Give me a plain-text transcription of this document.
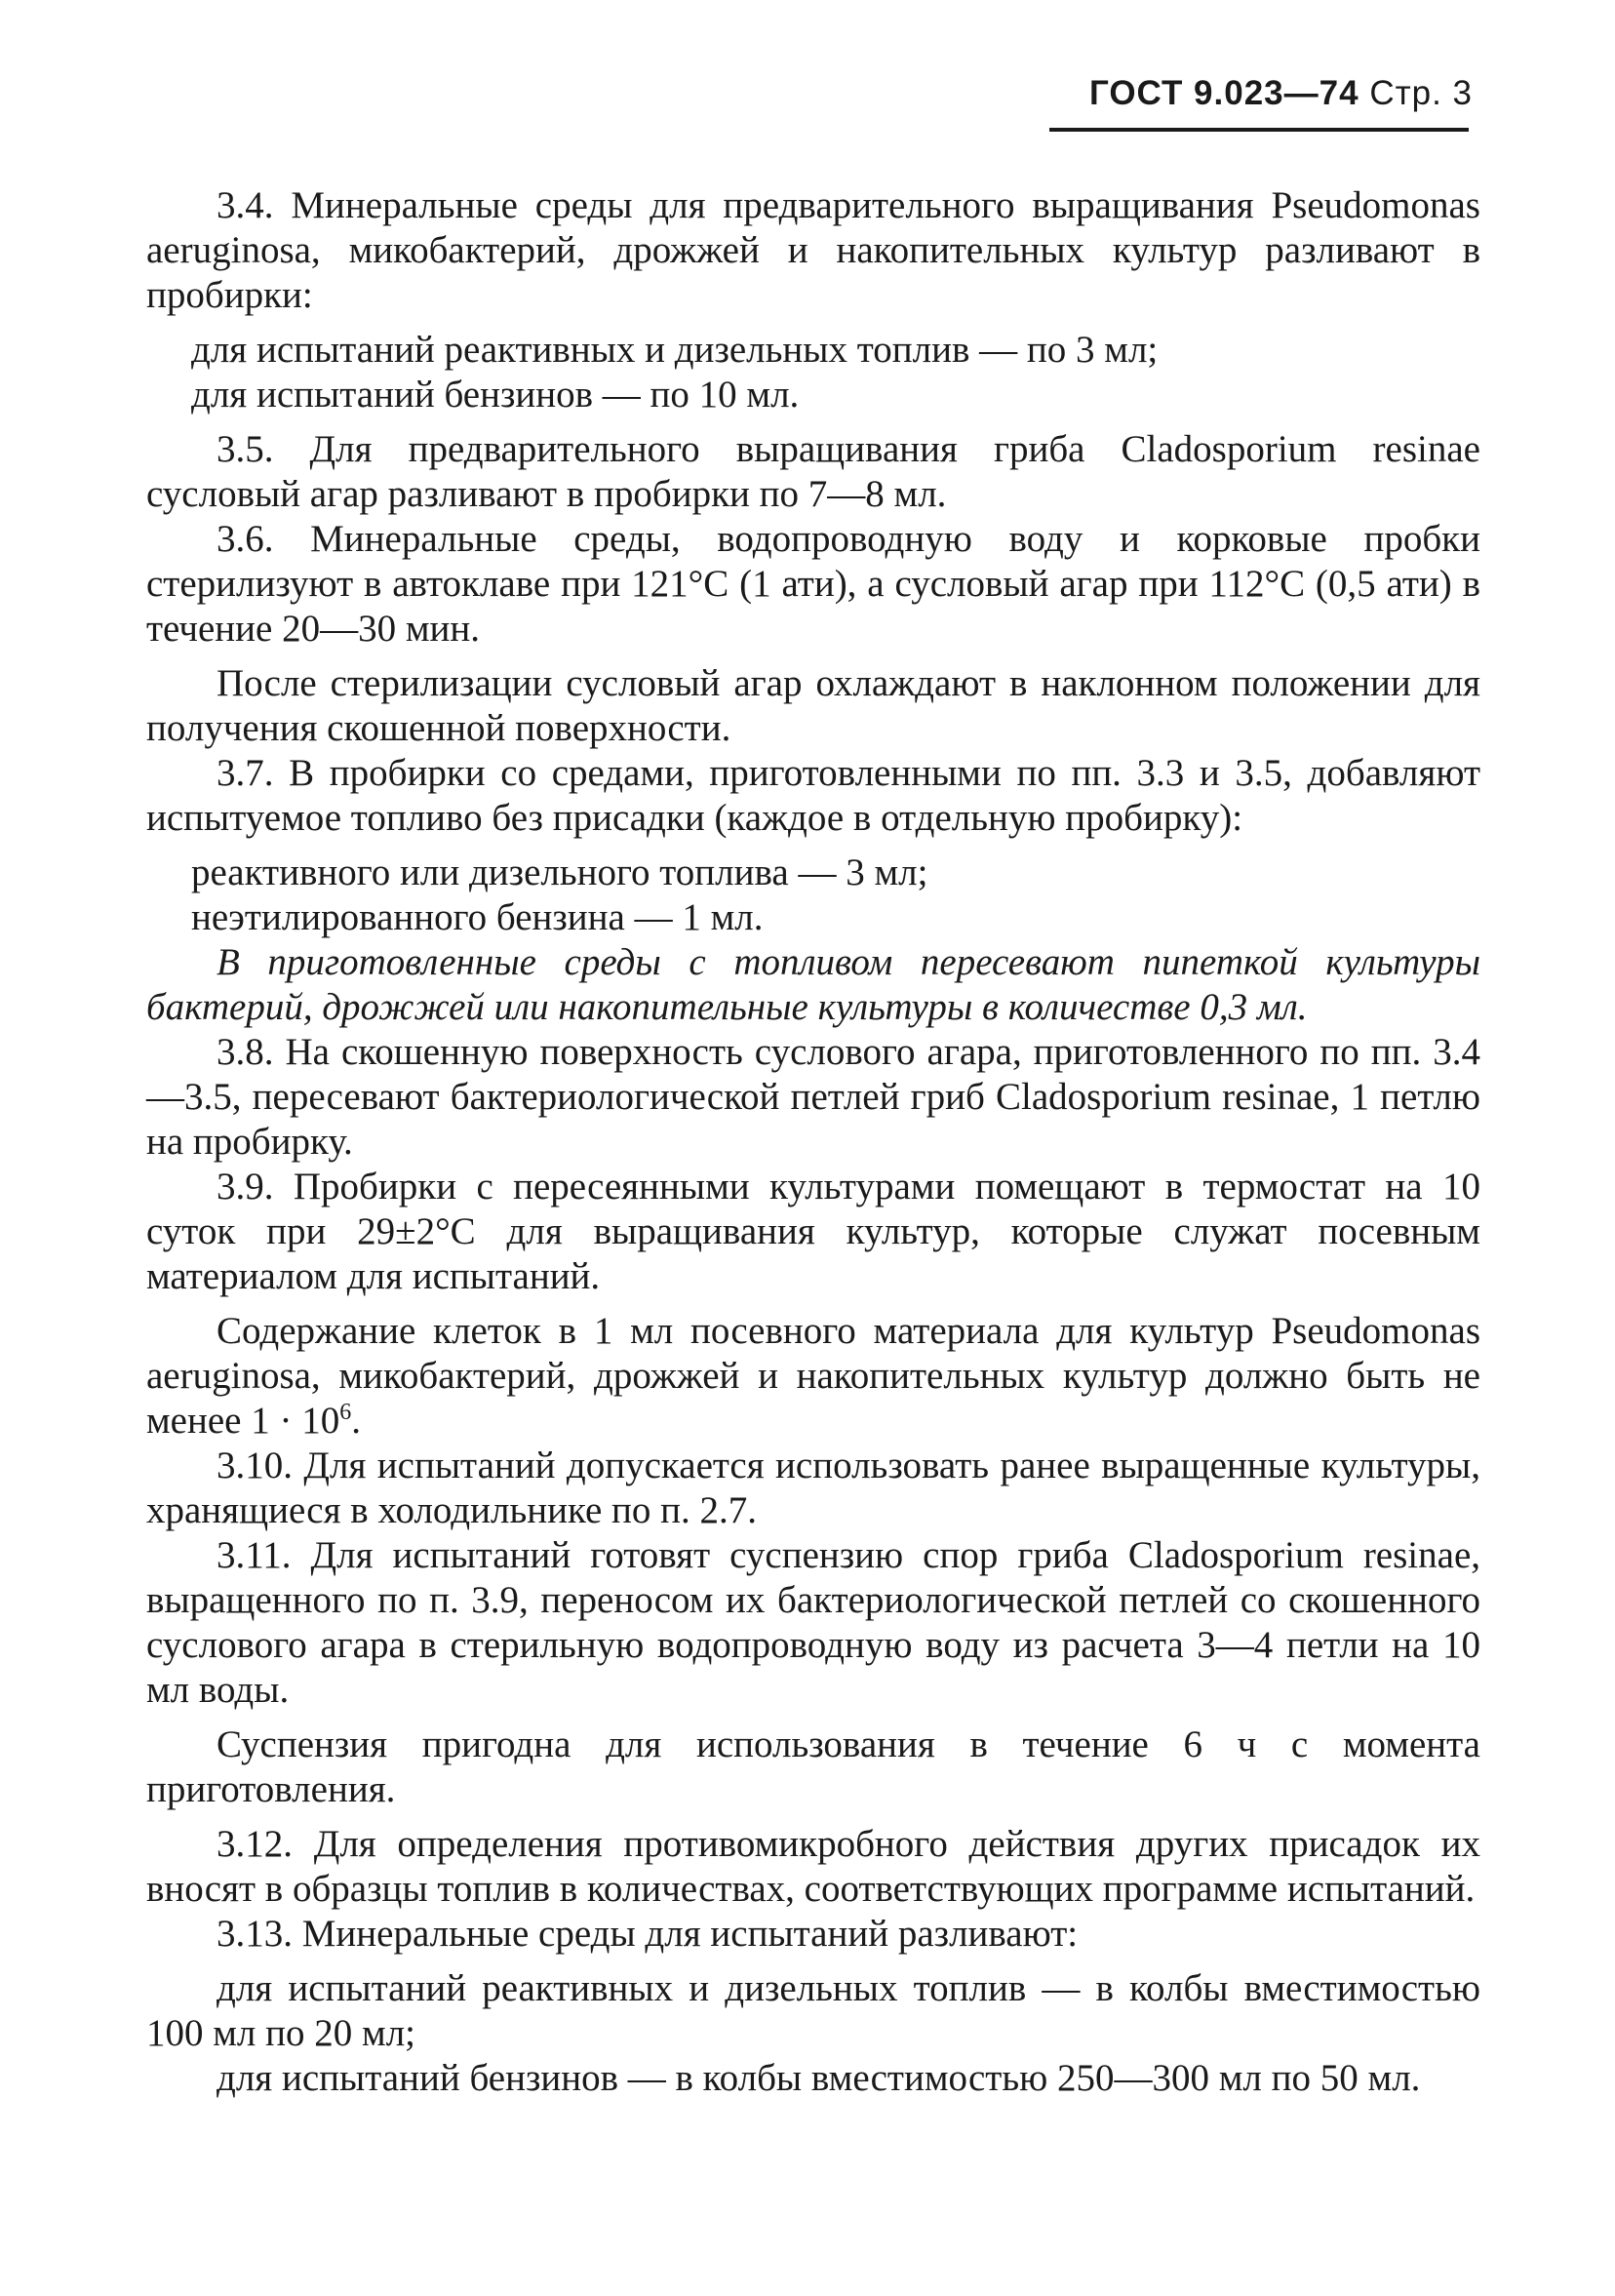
ГОСТ 9.023—74 Стр. 3

3.4. Минеральные среды для предварительного выращивания Pseudomonas aeruginosa, микобактерий, дрожжей и накопительных культур разливают в пробирки:

для испытаний реактивных и дизельных топлив — по 3 мл;

для испытаний бензинов — по 10 мл.

3.5. Для предварительного выращивания гриба Cladosporium resinae сусловый агар разливают в пробирки по 7—8 мл.

3.6. Минеральные среды, водопроводную воду и корковые пробки стерилизуют в автоклаве при 121°С (1 ати), а сусловый агар при 112°С (0,5 ати) в течение 20—30 мин.

После стерилизации сусловый агар охлаждают в наклонном положении для получения скошенной поверхности.

3.7. В пробирки со средами, приготовленными по пп. 3.3 и 3.5, добавляют испытуемое топливо без присадки (каждое в отдельную пробирку):

реактивного или дизельного топлива — 3 мл;

неэтилированного бензина — 1 мл.

В приготовленные среды с топливом пересевают пипеткой культуры бактерий, дрожжей или накопительные культуры в количестве 0,3 мл.

3.8. На скошенную поверхность суслового агара, приготовленного по пп. 3.4—3.5, пересевают бактериологической петлей гриб Cladosporium resinae, 1 петлю на пробирку.

3.9. Пробирки с пересеянными культурами помещают в термостат на 10 суток при 29±2°С для выращивания культур, которые служат посевным материалом для испытаний.

Содержание клеток в 1 мл посевного материала для культур Pseudomonas aeruginosa, микобактерий, дрожжей и накопительных культур должно быть не менее $1 \cdot 10^6$.

3.10. Для испытаний допускается использовать ранее выращенные культуры, хранящиеся в холодильнике по п. 2.7.

3.11. Для испытаний готовят суспензию спор гриба Cladosporium resinae, выращенного по п. 3.9, переносом их бактериологической петлей со скошенного суслового агара в стерильную водопроводную воду из расчета 3—4 петли на 10 мл воды.

Суспензия пригодна для использования в течение 6 ч с момента приготовления.

3.12. Для определения противомикробного действия других присадок их вносят в образцы топлив в количествах, соответствующих программе испытаний.

3.13. Минеральные среды для испытаний разливают:

для испытаний реактивных и дизельных топлив — в колбы вместимостью 100 мл по 20 мл;

для испытаний бензинов — в колбы вместимостью 250—300 мл по 50 мл.
